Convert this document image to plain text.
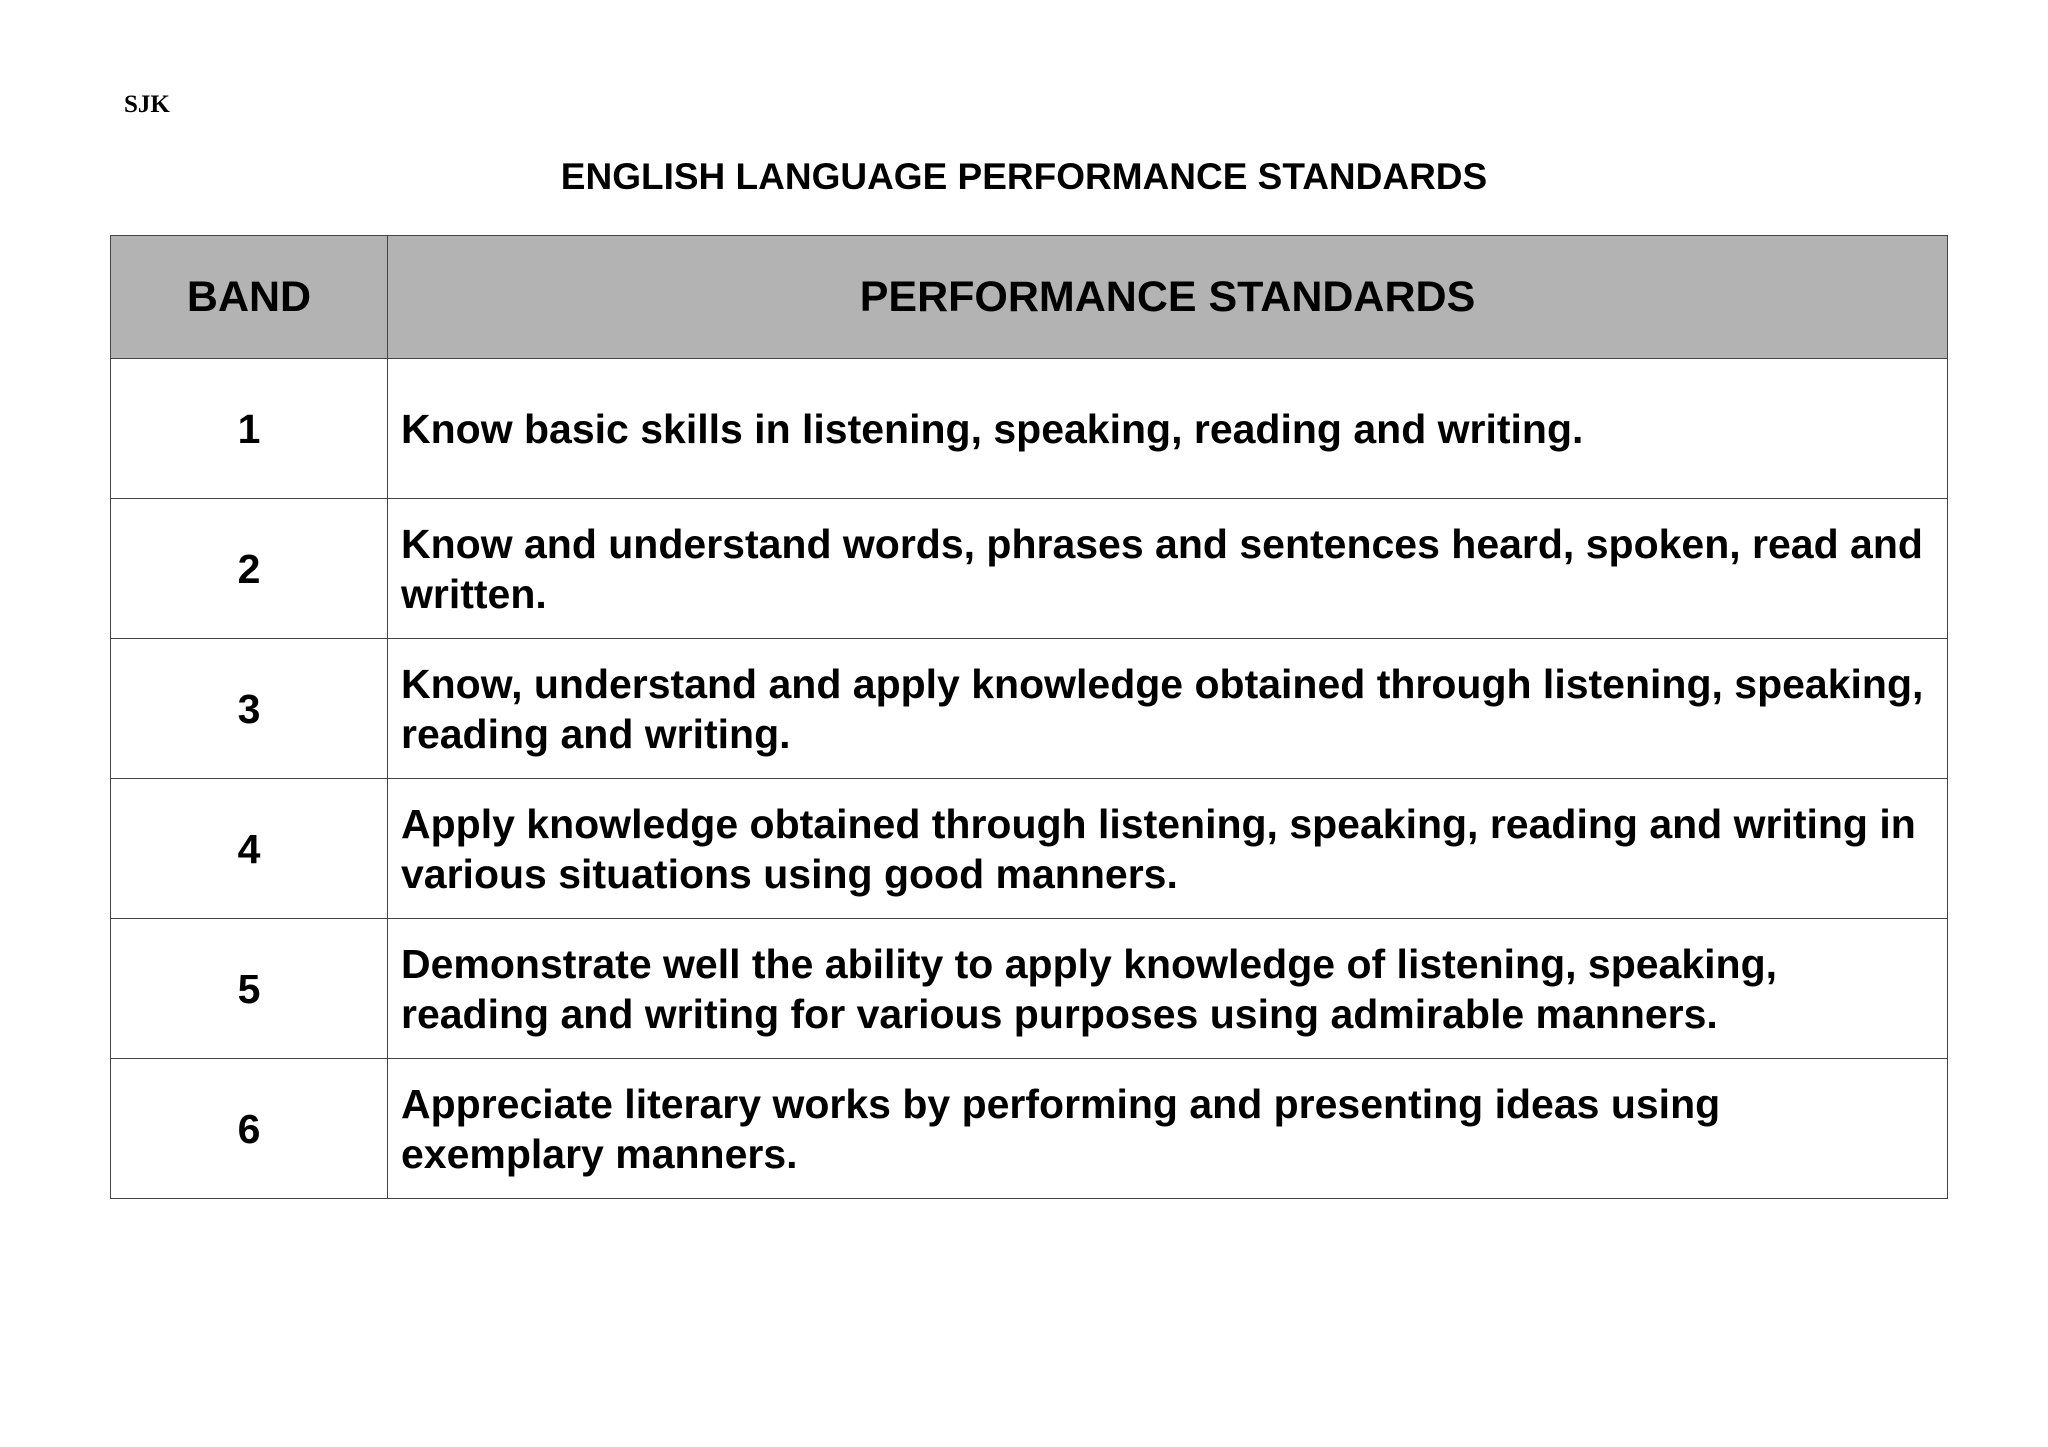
SJK
ENGLISH LANGUAGE PERFORMANCE STANDARDS
BAND	PERFORMANCE STANDARDS
1	Know basic skills in listening, speaking, reading and writing.
2	Know and understand words, phrases and sentences heard, spoken, read and written.
3	Know, understand and apply knowledge obtained through listening, speaking, reading and writing.
4	Apply knowledge obtained through listening, speaking, reading and writing in various situations using good manners.
5	Demonstrate well the ability to apply knowledge of listening, speaking, reading and writing for various purposes using admirable manners.
6	Appreciate literary works by performing and presenting ideas using exemplary manners.
